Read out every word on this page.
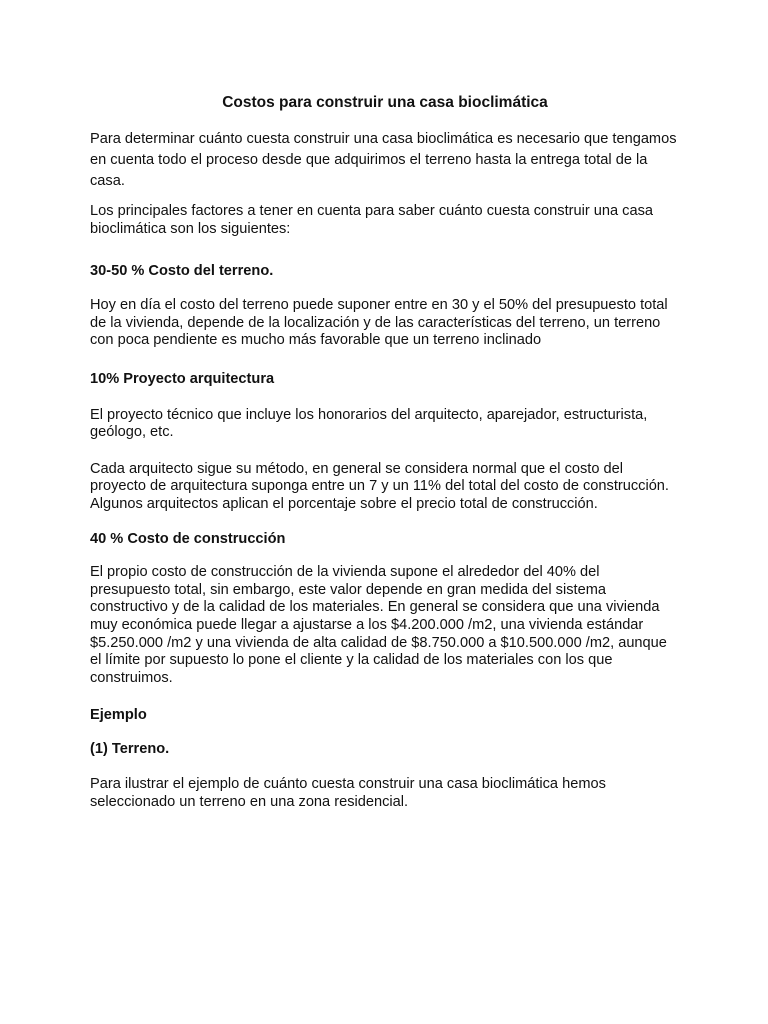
Costos para construir una casa bioclimática

Para determinar cuánto cuesta construir una casa bioclimática es necesario que tengamos en cuenta todo el proceso desde que adquirimos el terreno hasta la entrega total de la casa.

Los principales factores a tener en cuenta para saber cuánto cuesta construir una casa bioclimática son los siguientes:

30-50 % Costo del terreno.

Hoy en día el costo del terreno puede suponer entre en 30 y el 50% del presupuesto total de la vivienda, depende de la localización y de las características del terreno, un terreno con poca pendiente es mucho más favorable que un terreno inclinado

10% Proyecto arquitectura

El proyecto técnico que incluye los honorarios del arquitecto, aparejador, estructurista, geólogo, etc.

Cada arquitecto sigue su método, en general se considera normal que el costo del proyecto de arquitectura suponga entre un 7 y un 11% del total del costo de construcción. Algunos arquitectos aplican el porcentaje sobre el precio total de construcción.

40 % Costo de construcción

El propio costo de construcción de la vivienda supone el alrededor del 40% del presupuesto total, sin embargo, este valor depende en gran medida del sistema constructivo y de la calidad de los materiales. En general se considera que una vivienda muy económica puede llegar a ajustarse a los $4.200.000 /m2, una vivienda estándar $5.250.000 /m2 y una vivienda de alta calidad de $8.750.000 a $10.500.000 /m2, aunque el límite por supuesto lo pone el cliente y la calidad de los materiales con los que construimos.

Ejemplo
(1) Terreno.

Para ilustrar el ejemplo de cuánto cuesta construir una casa bioclimática hemos seleccionado un terreno en una zona residencial.
